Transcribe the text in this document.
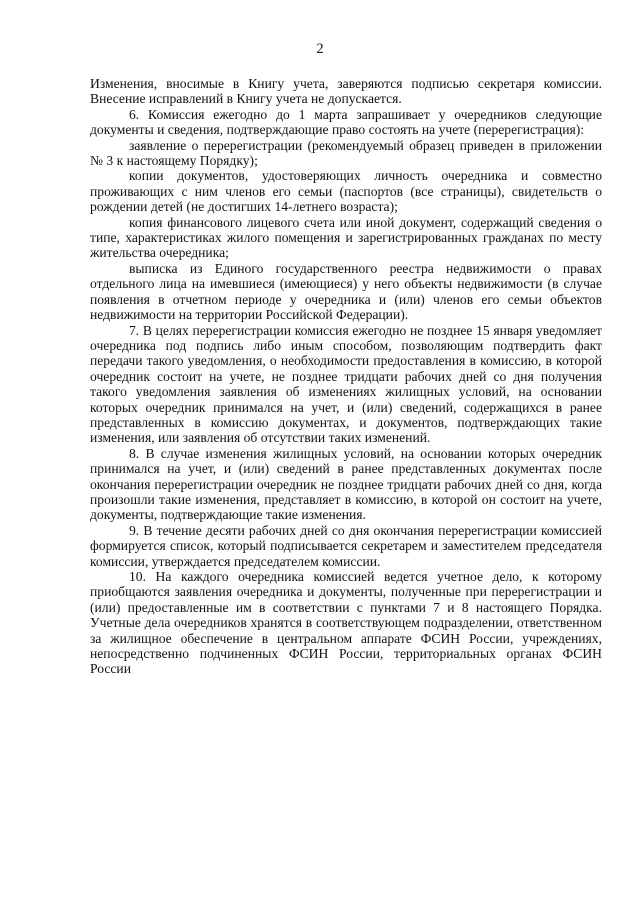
2

Изменения, вносимые в Книгу учета, заверяются подписью секретаря комиссии. Внесение исправлений в Книгу учета не допускается.

6. Комиссия ежегодно до 1 марта запрашивает у очередников следующие документы и сведения, подтверждающие право состоять на учете (перерегистрация):

заявление о перерегистрации (рекомендуемый образец приведен в приложении № 3 к настоящему Порядку);

копии документов, удостоверяющих личность очередника и совместно проживающих с ним членов его семьи (паспортов (все страницы), свидетельств о рождении детей (не достигших 14-летнего возраста);

копия финансового лицевого счета или иной документ, содержащий сведения о типе, характеристиках жилого помещения и зарегистрированных гражданах по месту жительства очередника;

выписка из Единого государственного реестра недвижимости о правах отдельного лица на имевшиеся (имеющиеся) у него объекты недвижимости (в случае появления в отчетном периоде у очередника и (или) членов его семьи объектов недвижимости на территории Российской Федерации).

7. В целях перерегистрации комиссия ежегодно не позднее 15 января уведомляет очередника под подпись либо иным способом, позволяющим подтвердить факт передачи такого уведомления, о необходимости предоставления в комиссию, в которой очередник состоит на учете, не позднее тридцати рабочих дней со дня получения такого уведомления заявления об изменениях жилищных условий, на основании которых очередник принимался на учет, и (или) сведений, содержащихся в ранее представленных в комиссию документах, и документов, подтверждающих такие изменения, или заявления об отсутствии таких изменений.

8. В случае изменения жилищных условий, на основании которых очередник принимался на учет, и (или) сведений в ранее представленных документах после окончания перерегистрации очередник не позднее тридцати рабочих дней со дня, когда произошли такие изменения, представляет в комиссию, в которой он состоит на учете, документы, подтверждающие такие изменения.

9. В течение десяти рабочих дней со дня окончания перерегистрации комиссией формируется список, который подписывается секретарем и заместителем председателя комиссии, утверждается председателем комиссии.

10. На каждого очередника комиссией ведется учетное дело, к которому приобщаются заявления очередника и документы, полученные при перерегистрации и (или) предоставленные им в соответствии с пунктами 7 и 8 настоящего Порядка. Учетные дела очередников хранятся в соответствующем подразделении, ответственном за жилищное обеспечение в центральном аппарате ФСИН России, учреждениях, непосредственно подчиненных ФСИН России, территориальных органах ФСИН России
